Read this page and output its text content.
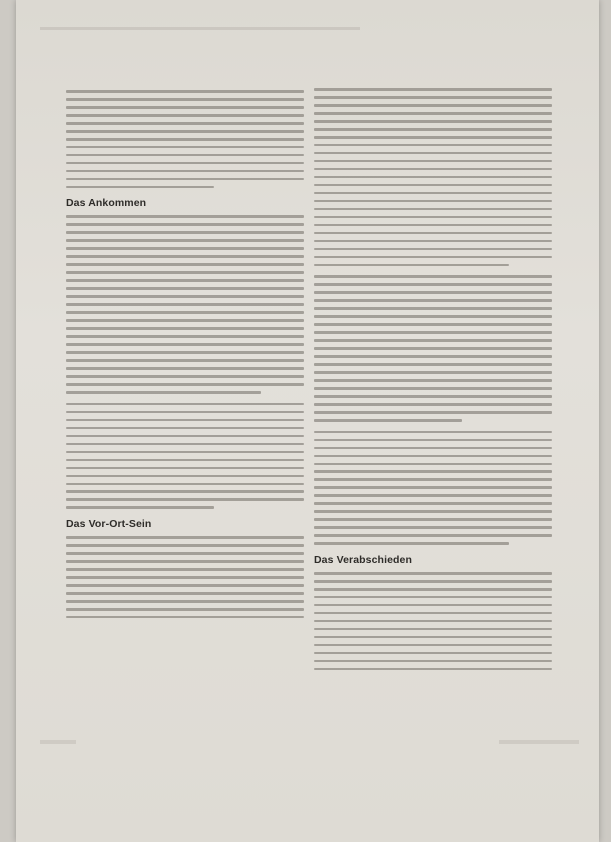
Das Ankommen
Das Vor-Ort-Sein
Das Verabschieden
